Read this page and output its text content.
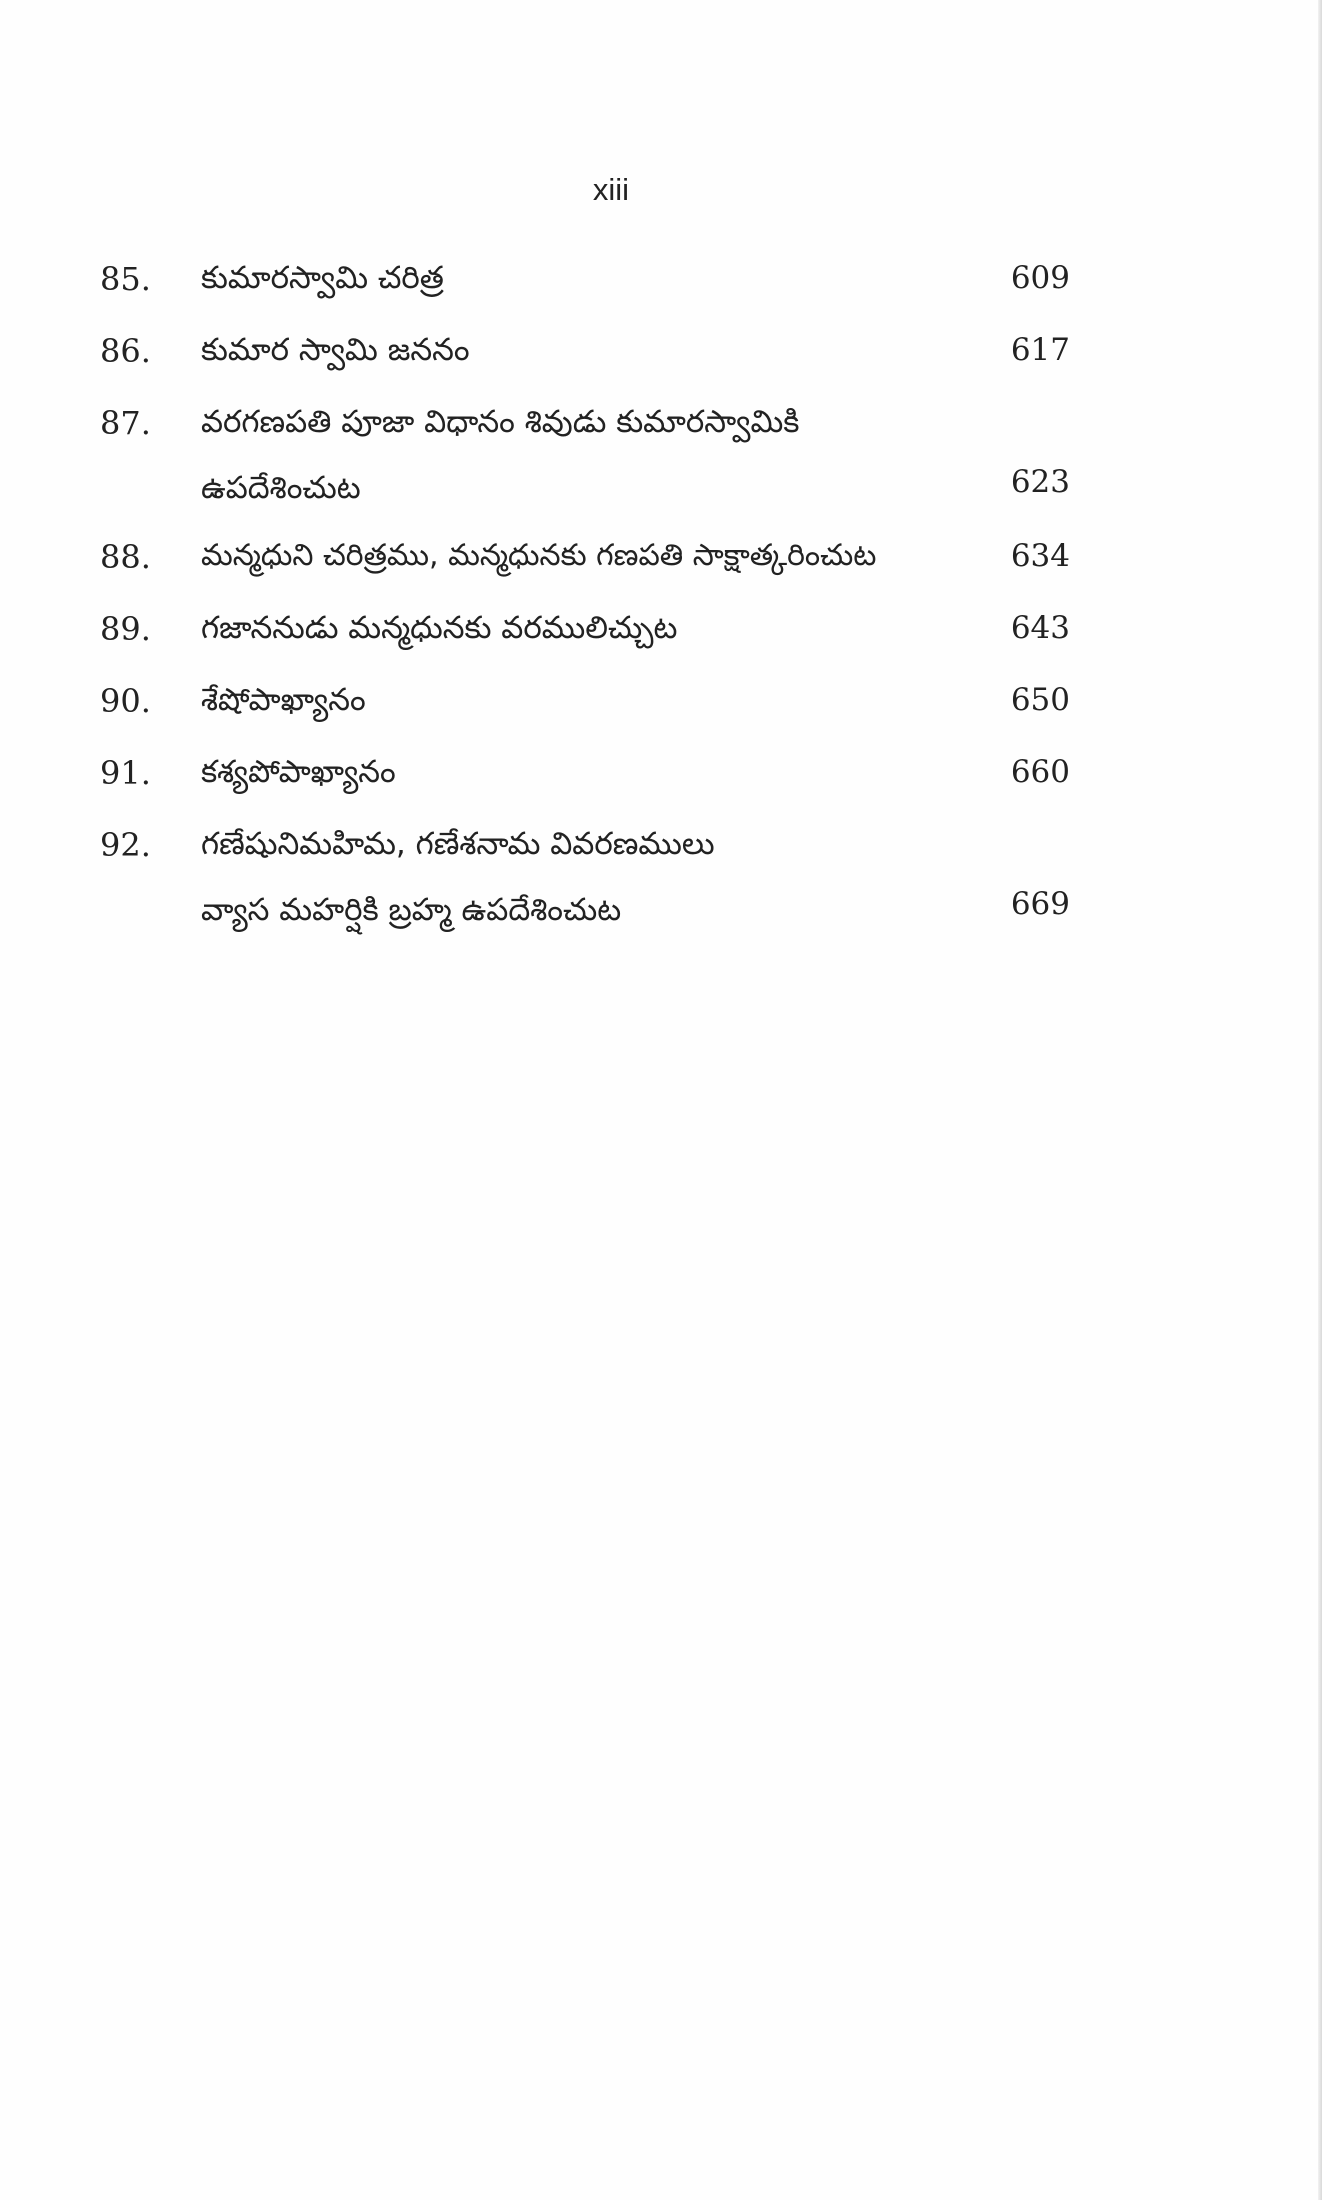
xiii
85.	కుమారస్వామి చరిత్ర	609
86.	కుమార స్వామి జననం	617
87.	వరగణపతి పూజా విధానం శివుడు కుమారస్వామికి
ఉపదేశించుట	623
88.	మన్మధుని చరిత్రము, మన్మధునకు గణపతి సాక్షాత్కరించుట	634
89.	గజాననుడు మన్మధునకు వరములిచ్చుట	643
90.	శేషోపాఖ్యానం	650
91.	కశ్యపోపాఖ్యానం	660
92.	గణేషునిమహిమ, గణేశనామ వివరణములు
వ్యాస మహర్షికి బ్రహ్మ ఉపదేశించుట	669
